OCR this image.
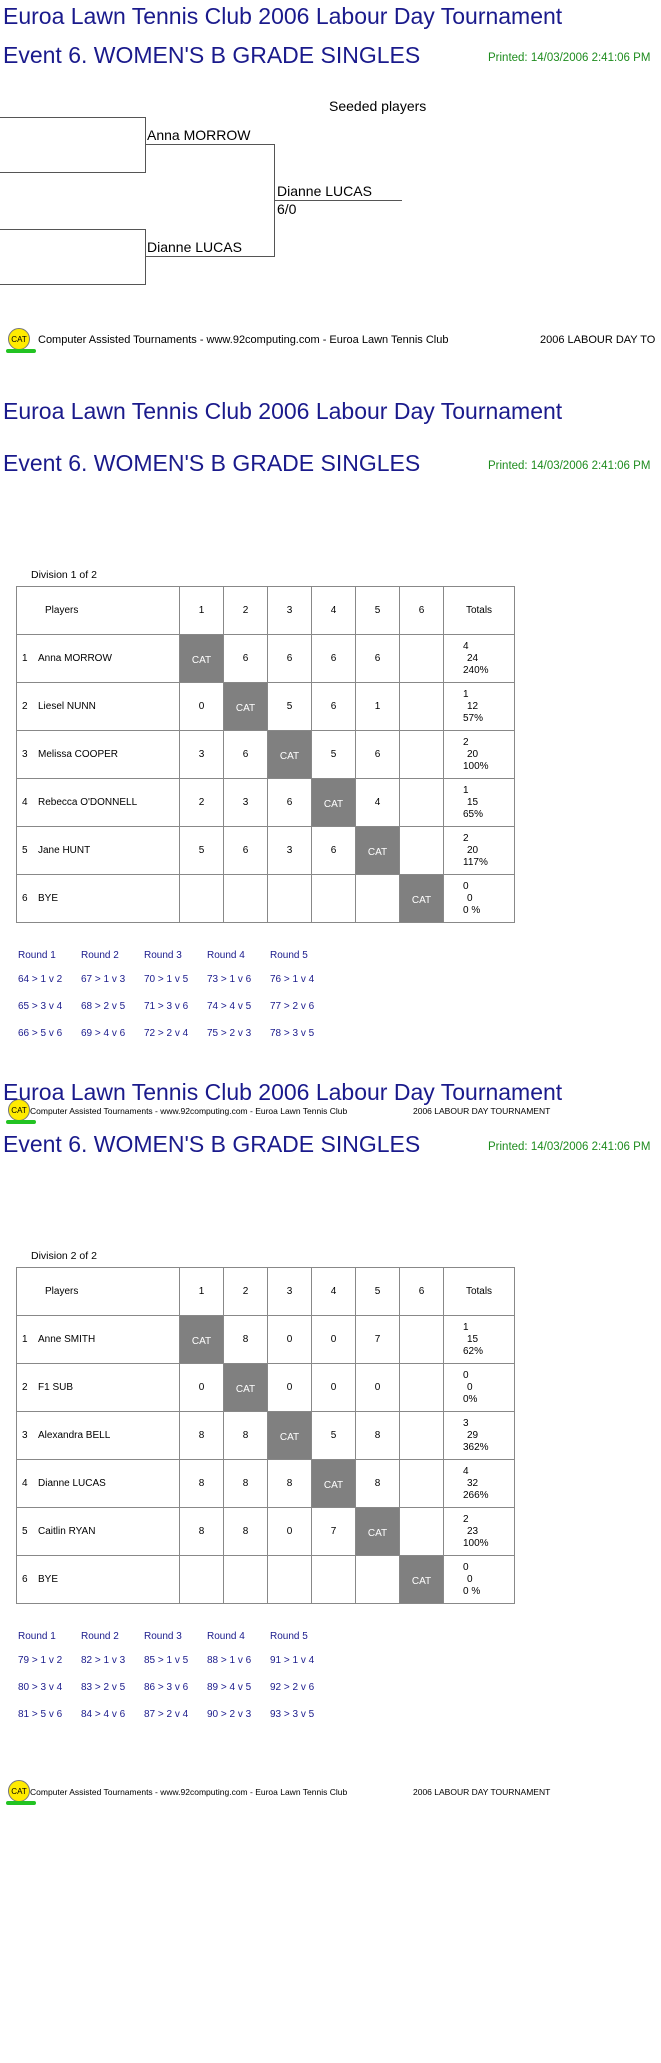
Euroa Lawn Tennis Club 2006 Labour Day Tournament
Event 6. WOMEN'S B GRADE SINGLES	Printed: 14/03/2006 2:41:06 PM
Seeded players
Anna MORROW
Dianne LUCAS
Dianne LUCAS
6/0
CAT Computer Assisted Tournaments - www.92computing.com - Euroa Lawn Tennis Club	2006 LABOUR DAY TO
Euroa Lawn Tennis Club 2006 Labour Day Tournament
Event 6. WOMEN'S B GRADE SINGLES	Printed: 14/03/2006 2:41:06 PM
Division 1 of 2
Players	1	2	3	4	5	6	Totals
1 Anna MORROW	CAT	6	6	6	6		4
24
240%

2 Liesel NUNN	0	CAT	5	6	1		1
12
57%

3 Melissa COOPER	3	6	CAT	5	6		2
20
100%

4 Rebecca O'DONNELL	2	3	6	CAT	4		1
15
65%

5 Jane HUNT	5	6	3	6	CAT		2
20
117%

6 BYE						CAT	0
0
0 %
Round 1	Round 2	Round 3	Round 4	Round 5
64 > 1 v 2 67 > 1 v 3 70 > 1 v 5 73 > 1 v 6 76 > 1 v 4
65 > 3 v 4 68 > 2 v 5 71 > 3 v 6 74 > 4 v 5 77 > 2 v 6
66 > 5 v 6 69 > 4 v 6 72 > 2 v 4 75 > 2 v 3 78 > 3 v 5
CAT Computer Assisted Tournaments - www.92computing.com - Euroa Lawn Tennis Club	2006 LABOUR DAY TOURNAMENT
Euroa Lawn Tennis Club 2006 Labour Day Tournament
Event 6. WOMEN'S B GRADE SINGLES	Printed: 14/03/2006 2:41:06 PM
Division 2 of 2
Players	1	2	3	4	5	6	Totals
1 Anne SMITH	CAT	8	0	0	7		1
15
62%

2 F1 SUB	0	CAT	0	0	0		0
0
0%

3 Alexandra BELL	8	8	CAT	5	8		3
29
362%

4 Dianne LUCAS	8	8	8	CAT	8		4
32
266%

5 Caitlin RYAN	8	8	0	7	CAT		2
23
100%

6 BYE						CAT	0
0
0 %
Round 1	Round 2	Round 3	Round 4	Round 5
79 > 1 v 2 82 > 1 v 3 85 > 1 v 5 88 > 1 v 6 91 > 1 v 4
80 > 3 v 4 83 > 2 v 5 86 > 3 v 6 89 > 4 v 5 92 > 2 v 6
81 > 5 v 6 84 > 4 v 6 87 > 2 v 4 90 > 2 v 3 93 > 3 v 5
CAT Computer Assisted Tournaments - www.92computing.com - Euroa Lawn Tennis Club	2006 LABOUR DAY TOURNAMENT
